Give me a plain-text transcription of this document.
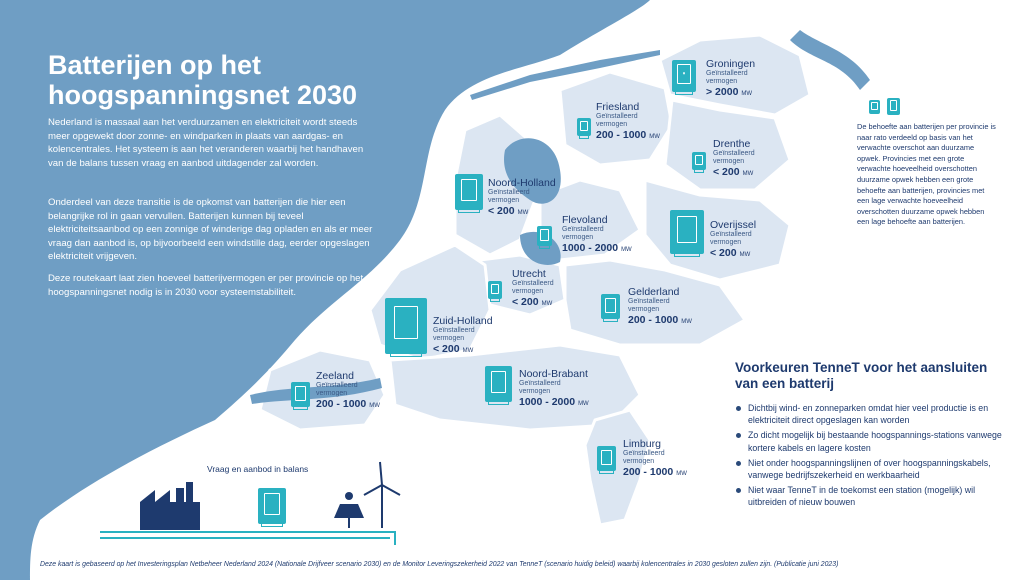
Batterijen op het hoogspanningsnet 2030
Nederland is massaal aan het verduurzamen en elektriciteit wordt steeds meer opgewekt door zonne- en windparken in plaats van aardgas- en kolencentrales. Het systeem is aan het veranderen waarbij het handhaven van de balans tussen vraag en aanbod uitdagender zal worden.
Onderdeel van deze transitie is de opkomst van batterijen die hier een belangrijke rol in gaan vervullen. Batterijen kunnen bij teveel elektriciteitsaanbod op een zonnige of winderige dag opladen en als er meer vraag dan aanbod is, op bijvoorbeeld een windstille dag, eerder opgeslagen elektriciteit vrijgeven.
Deze routekaart laat zien hoeveel batterijvermogen er per provincie op het hoogspanningsnet nodig is in 2030 voor systeemstabiliteit.
⋅
Groningen
Geïnstalleerd vermogen
> 2000 MW
Friesland
Geïnstalleerd vermogen
200 - 1000 MW
Drenthe
Geïnstalleerd vermogen
< 200 MW
Noord-Holland
Geïnstalleerd vermogen
< 200 MW
Flevoland
Geïnstalleerd vermogen
1000 - 2000 MW
Overijssel
Geïnstalleerd vermogen
< 200 MW
Utrecht
Geïnstalleerd vermogen
< 200 MW
Gelderland
Geïnstalleerd vermogen
200 - 1000 MW
Zuid-Holland
Geïnstalleerd vermogen
< 200 MW
Zeeland
Geïnstalleerd vermogen
200 - 1000 MW
Noord-Brabant
Geïnstalleerd vermogen
1000 - 2000 MW
Limburg
Geïnstalleerd vermogen
200 - 1000 MW
De behoefte aan batterijen per provincie is naar rato verdeeld op basis van het verwachte overschot aan duurzame opwek. Provincies met een grote verwachte hoeveelheid overschotten duurzame opwek hebben een grote behoefte aan batterijen, provincies met een lage verwachte hoeveelheid overschotten duurzame opwek hebben een lage behoefte aan batterijen.
Voorkeuren TenneT voor het aansluiten van een batterij
Dichtbij wind- en zonneparken omdat hier veel productie is en elektriciteit direct opgeslagen kan worden
Zo dicht mogelijk bij bestaande hoogspannings-stations vanwege kortere kabels en lagere kosten
Niet onder hoogspanningslijnen of over hoogspanningskabels, vanwege bedrijfszekerheid en werkbaarheid
Niet waar TenneT in de toekomst een station (mogelijk) wil uitbreiden of nieuw bouwen
Vraag en aanbod in balans
Deze kaart is gebaseerd op het Investeringsplan Netbeheer Nederland 2024 (Nationale Drijfveer scenario 2030) en de Monitor Leveringszekerheid 2022 van TenneT (scenario huidig beleid) waarbij kolencentrales in 2030 gesloten zullen zijn. (Publicatie juni 2023)
